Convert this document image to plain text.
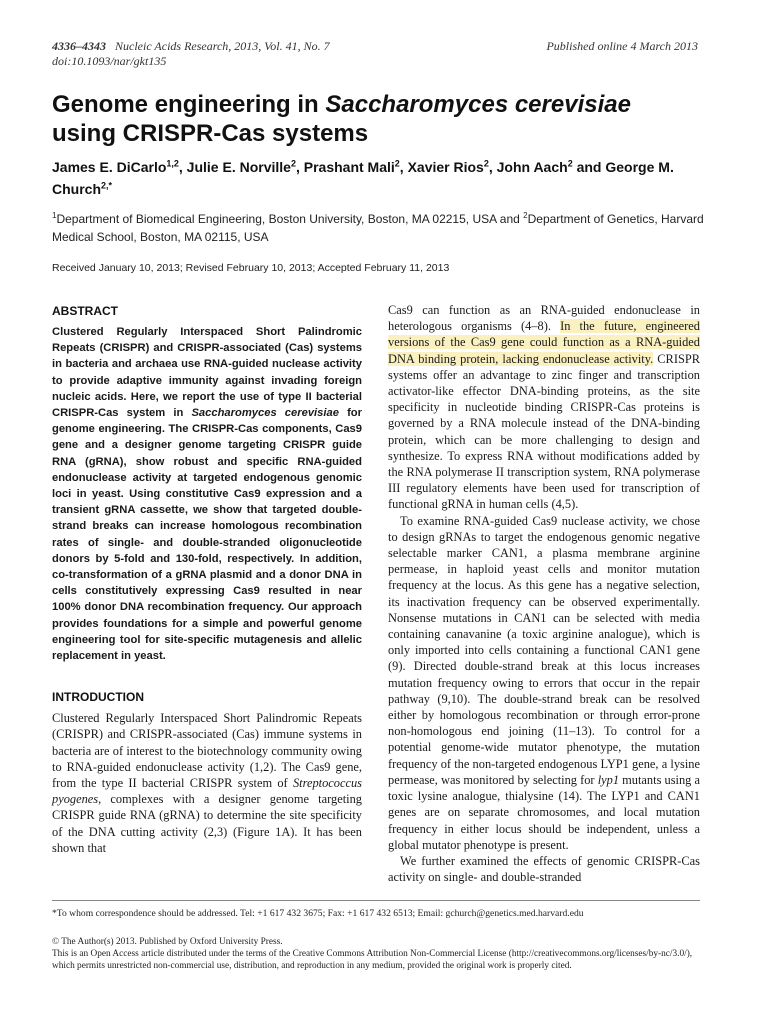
4336–4343 Nucleic Acids Research, 2013, Vol. 41, No. 7
doi:10.1093/nar/gkt135
Published online 4 March 2013
Genome engineering in Saccharomyces cerevisiae
using CRISPR-Cas systems
James E. DiCarlo$^{1,2}$, Julie E. Norville$^2$, Prashant Mali$^2$, Xavier Rios$^2$, John Aach$^2$ and George M. Church$^{2,*}$
$^1$Department of Biomedical Engineering, Boston University, Boston, MA 02215, USA and $^2$Department of Genetics, Harvard Medical School, Boston, MA 02115, USA
Received January 10, 2013; Revised February 10, 2013; Accepted February 11, 2013
ABSTRACT

Clustered Regularly Interspaced Short Palindromic Repeats (CRISPR) and CRISPR-associated (Cas) systems in bacteria and archaea use RNA-guided nuclease activity to provide adaptive immunity against invading foreign nucleic acids. Here, we report the use of type II bacterial CRISPR-Cas system in Saccharomyces cerevisiae for genome engineering. The CRISPR-Cas components, Cas9 gene and a designer genome targeting CRISPR guide RNA (gRNA), show robust and specific RNA-guided endonuclease activity at targeted endogenous genomic loci in yeast. Using constitutive Cas9 expression and a transient gRNA cassette, we show that targeted double-strand breaks can increase homologous recombination rates of single- and double-stranded oligonucleotide donors by 5-fold and 130-fold, respectively. In addition, co-transformation of a gRNA plasmid and a donor DNA in cells constitutively expressing Cas9 resulted in near 100% donor DNA recombination frequency. Our approach provides foundations for a simple and powerful genome engineering tool for site-specific mutagenesis and allelic replacement in yeast.

INTRODUCTION

Clustered Regularly Interspaced Short Palindromic Repeats (CRISPR) and CRISPR-associated (Cas) immune systems in bacteria are of interest to the biotechnology community owing to RNA-guided endonuclease activity (1,2). The Cas9 gene, from the type II bacterial CRISPR system of Streptococcus pyogenes, complexes with a designer genome targeting CRISPR guide RNA (gRNA) to determine the site specificity of the DNA cutting activity (2,3) (Figure 1A). It has been shown that

Cas9 can function as an RNA-guided endonuclease in heterologous organisms (4–8). In the future, engineered versions of the Cas9 gene could function as a RNA-guided DNA binding protein, lacking endonuclease activity. CRISPR systems offer an advantage to zinc finger and transcription activator-like effector DNA-binding proteins, as the site specificity in nucleotide binding CRISPR-Cas proteins is governed by a RNA molecule instead of the DNA-binding protein, which can be more challenging to design and synthesize. To express RNA without modifications added by the RNA polymerase II transcription system, RNA polymerase III regulatory elements have been used for transcription of functional gRNA in human cells (4,5).

To examine RNA-guided Cas9 nuclease activity, we chose to design gRNAs to target the endogenous genomic negative selectable marker CAN1, a plasma membrane arginine permease, in haploid yeast cells and monitor mutation frequency at the locus. As this gene has a negative selection, its inactivation frequency can be observed experimentally. Nonsense mutations in CAN1 can be selected with media containing canavanine (a toxic arginine analogue), which is only imported into cells containing a functional CAN1 gene (9). Directed double-strand break at this locus increases mutation frequency owing to errors that occur in the repair pathway (9,10). The double-strand break can be resolved either by homologous recombination or through error-prone non-homologous end joining (11–13). To control for a potential genome-wide mutator phenotype, the mutation frequency of the non-targeted endogenous LYP1 gene, a lysine permease, was monitored by selecting for lyp1 mutants using a toxic lysine analogue, thialysine (14). The LYP1 and CAN1 genes are on separate chromosomes, and local mutation frequency in either locus should be independent, unless a global mutator phenotype is present.

We further examined the effects of genomic CRISPR-Cas activity on single- and double-stranded

*To whom correspondence should be addressed. Tel: +1 617 432 3675; Fax: +1 617 432 6513; Email: gchurch@genetics.med.harvard.edu

© The Author(s) 2013. Published by Oxford University Press.

This is an Open Access article distributed under the terms of the Creative Commons Attribution Non-Commercial License (http://creativecommons.org/licenses/by-nc/3.0/), which permits unrestricted non-commercial use, distribution, and reproduction in any medium, provided the original work is properly cited.
